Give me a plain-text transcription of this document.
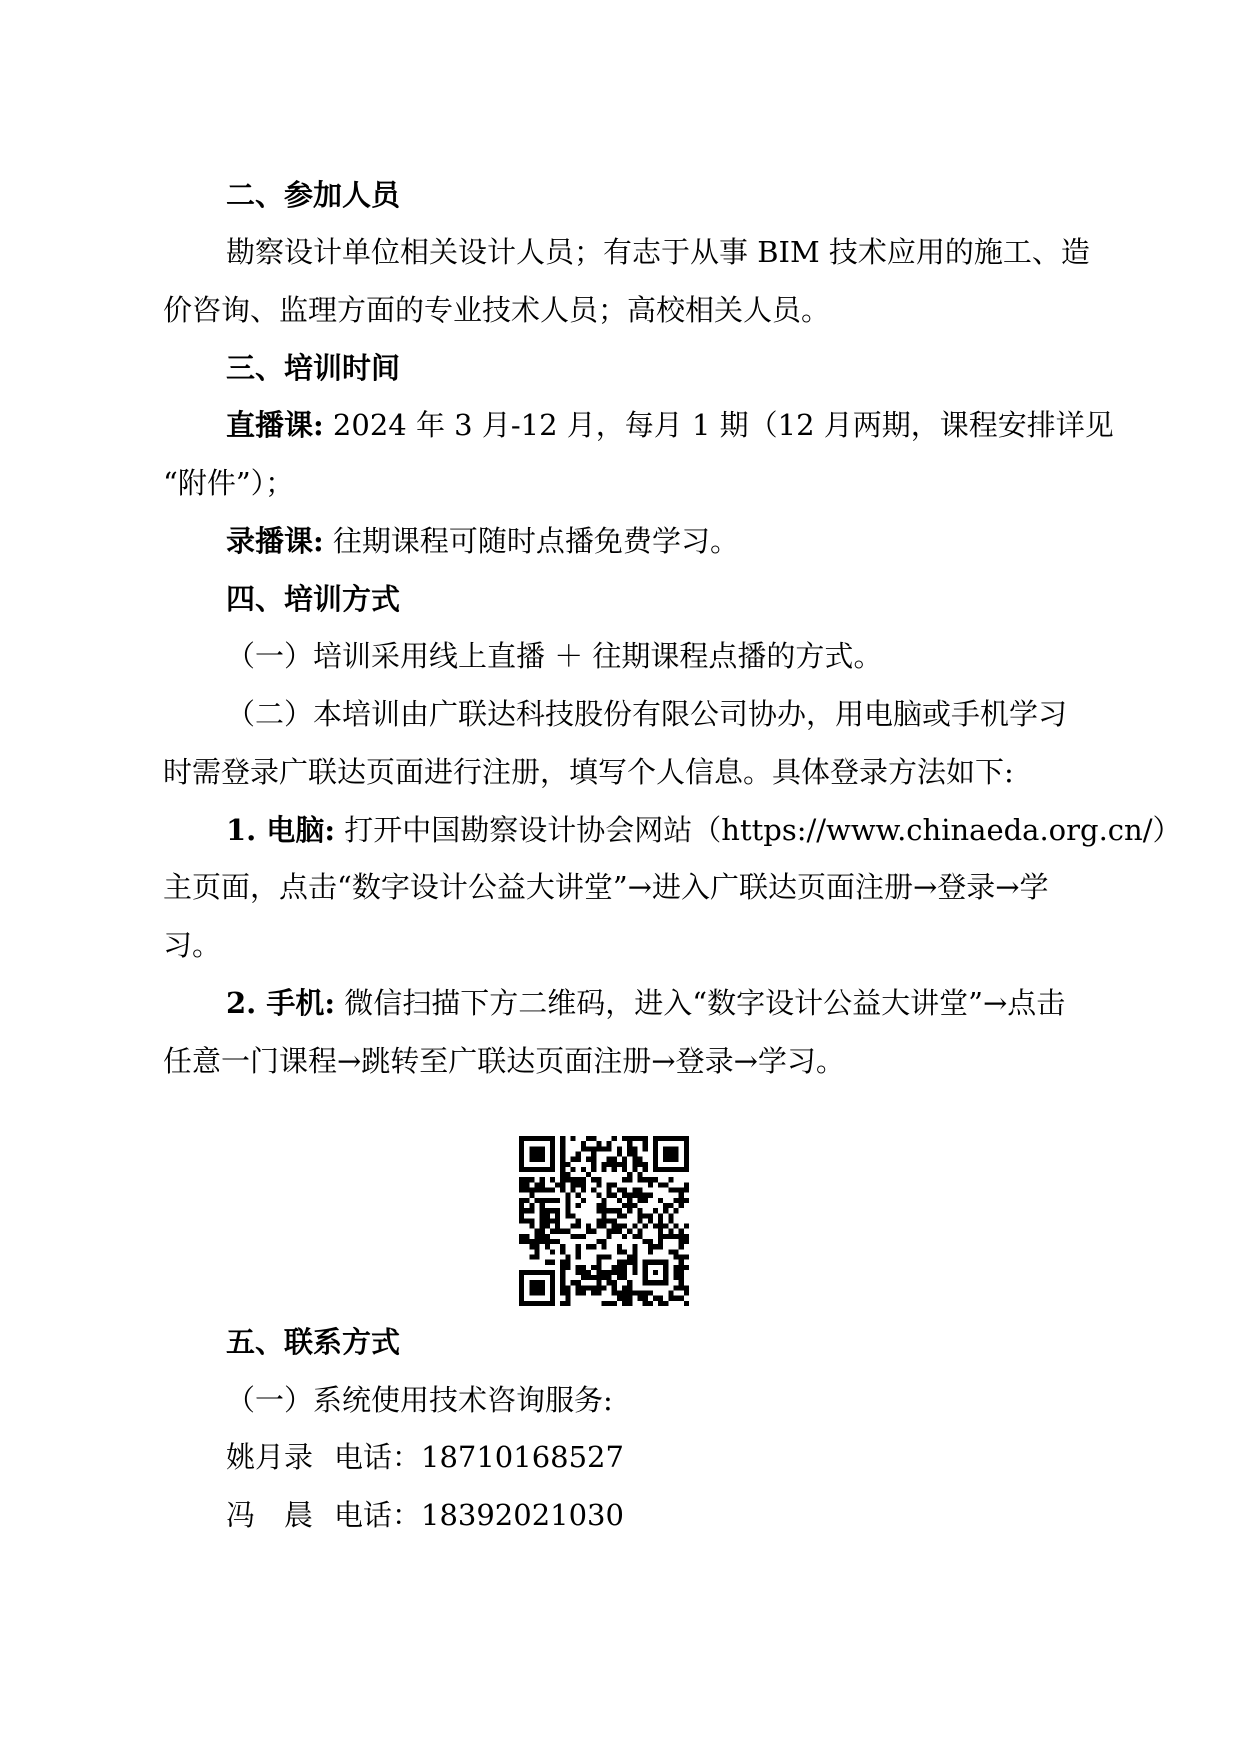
二、参加人员
勘察设计单位相关设计人员；有志于从事 BIM 技术应用的施工、造
价咨询、监理方面的专业技术人员；高校相关人员。
三、培训时间
直播课: 2024 年 3 月-12 月，每月 1 期（12 月两期，课程安排详见
“附件”）；
录播课: 往期课程可随时点播免费学习。
四、培训方式
（一）培训采用线上直播 ＋ 往期课程点播的方式。
（二）本培训由广联达科技股份有限公司协办，用电脑或手机学习
时需登录广联达页面进行注册，填写个人信息。具体登录方法如下:
1. 电脑: 打开中国勘察设计协会网站（https://www.chinaeda.org.cn/）
主页面，点击“数字设计公益大讲堂”→进入广联达页面注册→登录→学
习。
2. 手机: 微信扫描下方二维码，进入“数字设计公益大讲堂”→点击
任意一门课程→跳转至广联达页面注册→登录→学习。
五、联系方式
（一）系统使用技术咨询服务:
姚月录 电话：18710168527
冯　晨 电话：18392021030
